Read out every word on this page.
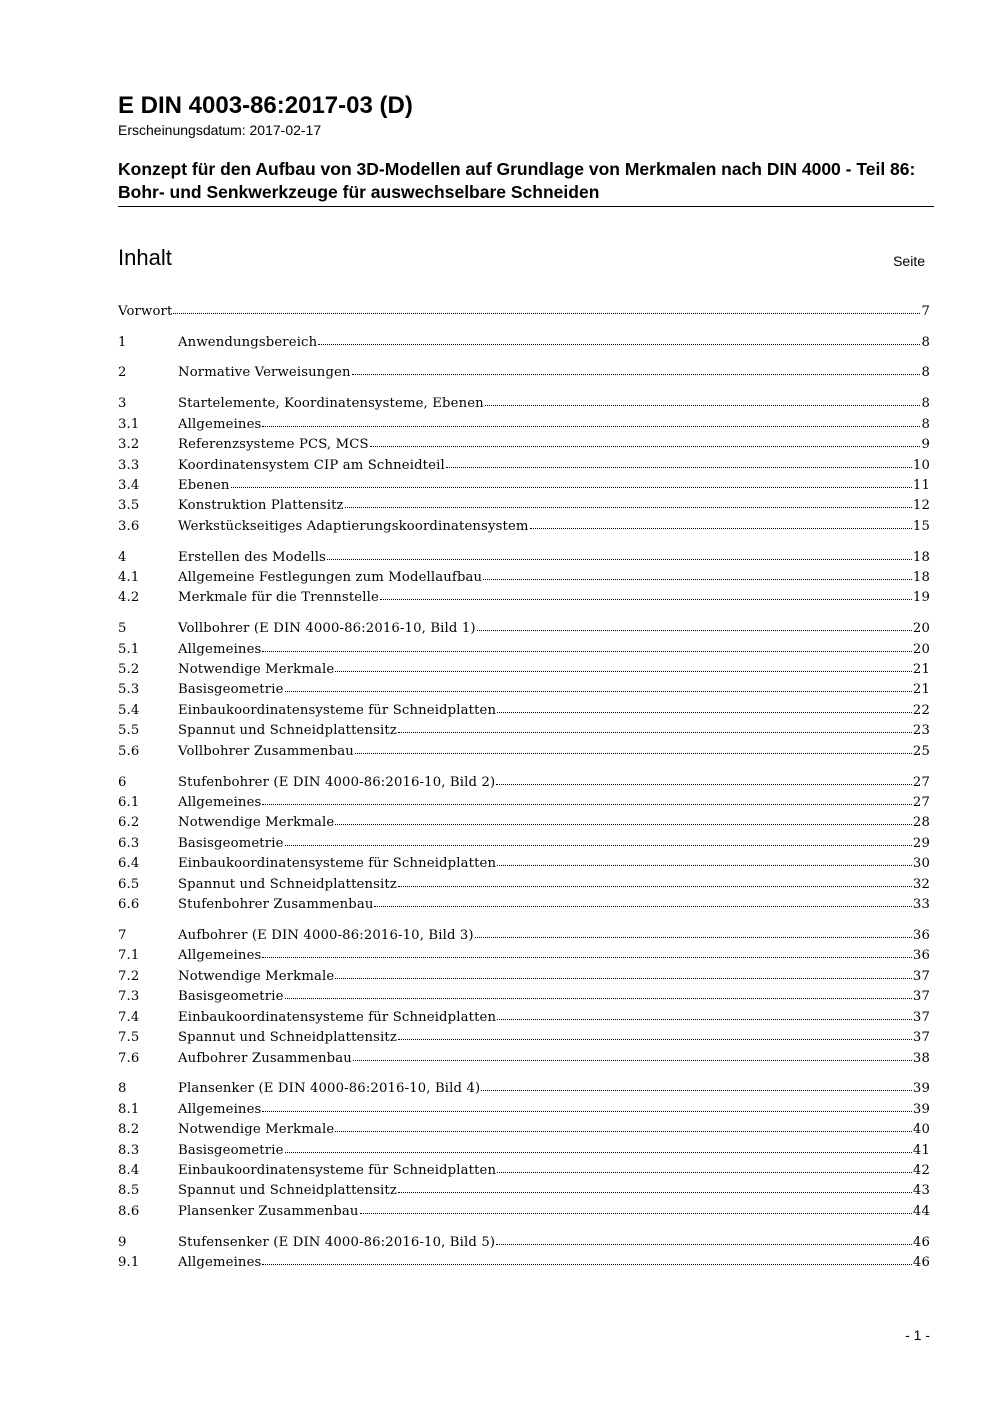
E DIN 4003-86:2017-03 (D)
Erscheinungsdatum: 2017-02-17
Konzept für den Aufbau von 3D-Modellen auf Grundlage von Merkmalen nach DIN 4000 - Teil 86: Bohr- und Senkwerkzeuge für auswechselbare Schneiden
Inhalt	Seite
Vorwort	7
1	Anwendungsbereich	8
2	Normative Verweisungen	8
3	Startelemente, Koordinatensysteme, Ebenen	8
3.1	Allgemeines	8
3.2	Referenzsysteme PCS, MCS	9
3.3	Koordinatensystem CIP am Schneidteil	10
3.4	Ebenen	11
3.5	Konstruktion Plattensitz	12
3.6	Werkstückseitiges Adaptierungskoordinatensystem	15
4	Erstellen des Modells	18
4.1	Allgemeine Festlegungen zum Modellaufbau	18
4.2	Merkmale für die Trennstelle	19
5	Vollbohrer (E DIN 4000-86:2016-10, Bild 1)	20
5.1	Allgemeines	20
5.2	Notwendige Merkmale	21
5.3	Basisgeometrie	21
5.4	Einbaukoordinatensysteme für Schneidplatten	22
5.5	Spannut und Schneidplattensitz	23
5.6	Vollbohrer Zusammenbau	25
6	Stufenbohrer (E DIN 4000-86:2016-10, Bild 2)	27
6.1	Allgemeines	27
6.2	Notwendige Merkmale	28
6.3	Basisgeometrie	29
6.4	Einbaukoordinatensysteme für Schneidplatten	30
6.5	Spannut und Schneidplattensitz	32
6.6	Stufenbohrer Zusammenbau	33
7	Aufbohrer (E DIN 4000-86:2016-10, Bild 3)	36
7.1	Allgemeines	36
7.2	Notwendige Merkmale	37
7.3	Basisgeometrie	37
7.4	Einbaukoordinatensysteme für Schneidplatten	37
7.5	Spannut und Schneidplattensitz	37
7.6	Aufbohrer Zusammenbau	38
8	Plansenker (E DIN 4000-86:2016-10, Bild 4)	39
8.1	Allgemeines	39
8.2	Notwendige Merkmale	40
8.3	Basisgeometrie	41
8.4	Einbaukoordinatensysteme für Schneidplatten	42
8.5	Spannut und Schneidplattensitz	43
8.6	Plansenker Zusammenbau	44
9	Stufensenker (E DIN 4000-86:2016-10, Bild 5)	46
9.1	Allgemeines	46
- 1 -
